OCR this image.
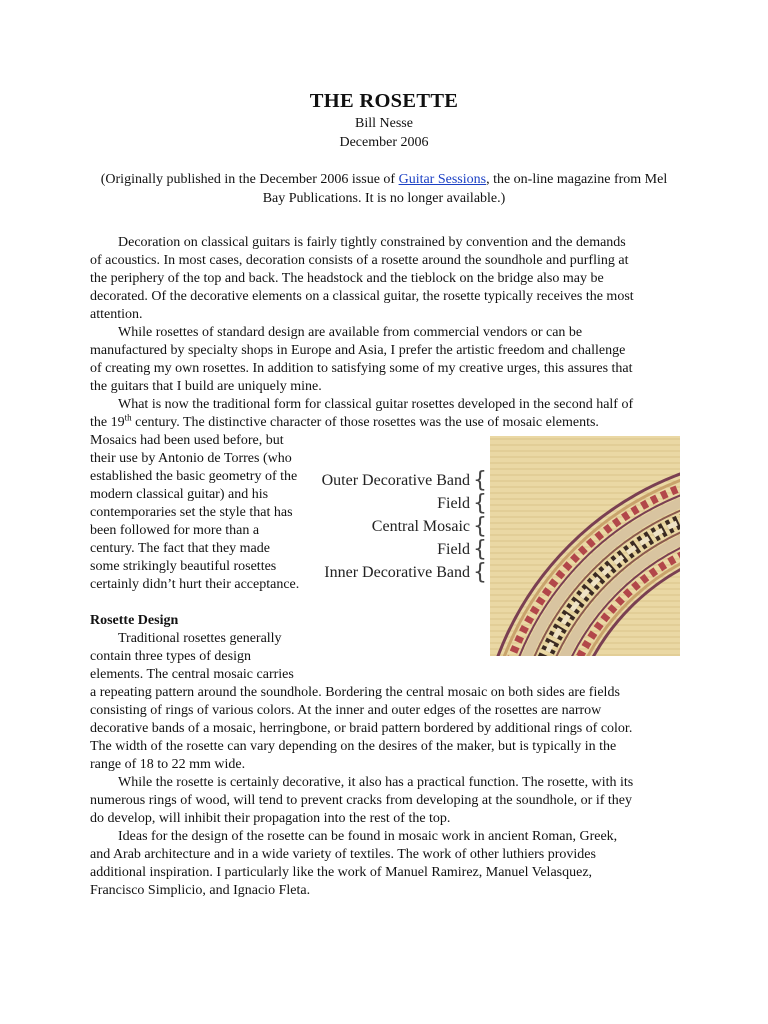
THE ROSETTE
Bill Nesse
December 2006
(Originally published in the December 2006 issue of Guitar Sessions, the on-line magazine from Mel Bay Publications. It is no longer available.)
Decoration on classical guitars is fairly tightly constrained by convention and the demands
of acoustics. In most cases, decoration consists of a rosette around the soundhole and purfling at
the periphery of the top and back. The headstock and the tieblock on the bridge also may be
decorated. Of the decorative elements on a classical guitar, the rosette typically receives the most
attention.
While rosettes of standard design are available from commercial vendors or can be
manufactured by specialty shops in Europe and Asia, I prefer the artistic freedom and challenge
of creating my own rosettes. In addition to satisfying some of my creative urges, this assures that
the guitars that I build are uniquely mine.
What is now the traditional form for classical guitar rosettes developed in the second half of
the 19th century. The distinctive character of those rosettes was the use of mosaic elements.
Mosaics had been used before, but
their use by Antonio de Torres (who
established the basic geometry of the
modern classical guitar) and his
contemporaries set the style that has
been followed for more than a
century. The fact that they made
some strikingly beautiful rosettes
certainly didn’t hurt their acceptance.
Rosette Design
Traditional rosettes generally
contain three types of design
elements. The central mosaic carries
a repeating pattern around the soundhole. Bordering the central mosaic on both sides are fields
consisting of rings of various colors. At the inner and outer edges of the rosettes are narrow
decorative bands of a mosaic, herringbone, or braid pattern bordered by additional rings of color.
The width of the rosette can vary depending on the desires of the maker, but is typically in the
range of 18 to 22 mm wide.
While the rosette is certainly decorative, it also has a practical function. The rosette, with its
numerous rings of wood, will tend to prevent cracks from developing at the soundhole, or if they
do develop, will inhibit their propagation into the rest of the top.
Ideas for the design of the rosette can be found in mosaic work in ancient Roman, Greek,
and Arab architecture and in a wide variety of textiles. The work of other luthiers provides
additional inspiration. I particularly like the work of Manuel Ramirez, Manuel Velasquez,
Francisco Simplicio, and Ignacio Fleta.
Outer Decorative Band
Field
Central Mosaic
Field
Inner Decorative Band
{
{
{
{
{
